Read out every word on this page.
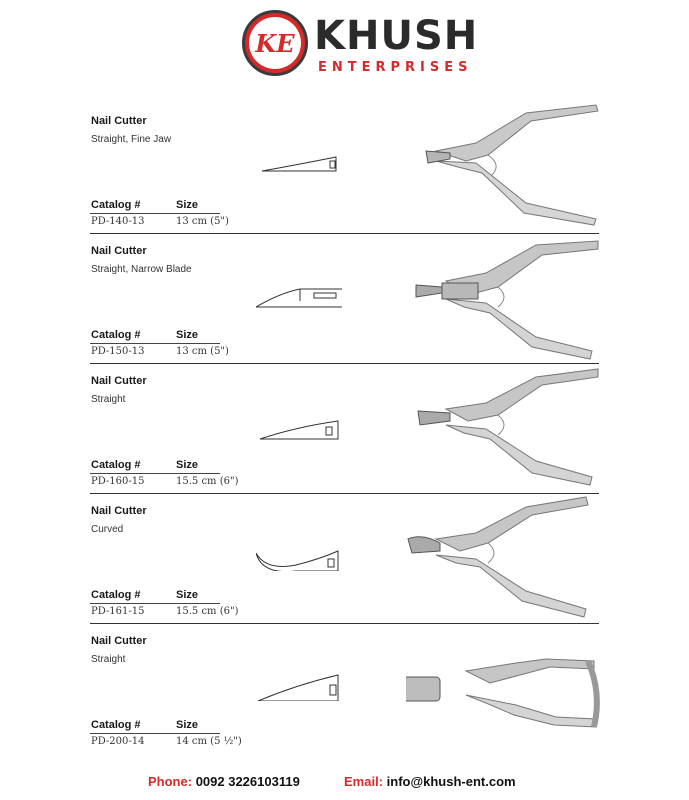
KE KHUSH
ENTERPRISES
Nail Cutter
Straight, Fine Jaw
Catalog #	Size
PD-140-13	13 cm (5")
Nail Cutter
Straight, Narrow Blade
Catalog #	Size
PD-150-13	13 cm (5")
Nail Cutter
Straight
Catalog #	Size
PD-160-15	15.5 cm (6")
Nail Cutter
Curved
Catalog #	Size
PD-161-15	15.5 cm (6")
Nail Cutter
Straight
Catalog #	Size
PD-200-14	14 cm (5 ½")
Phone: 0092 3226103119	Email: info@khush-ent.com
